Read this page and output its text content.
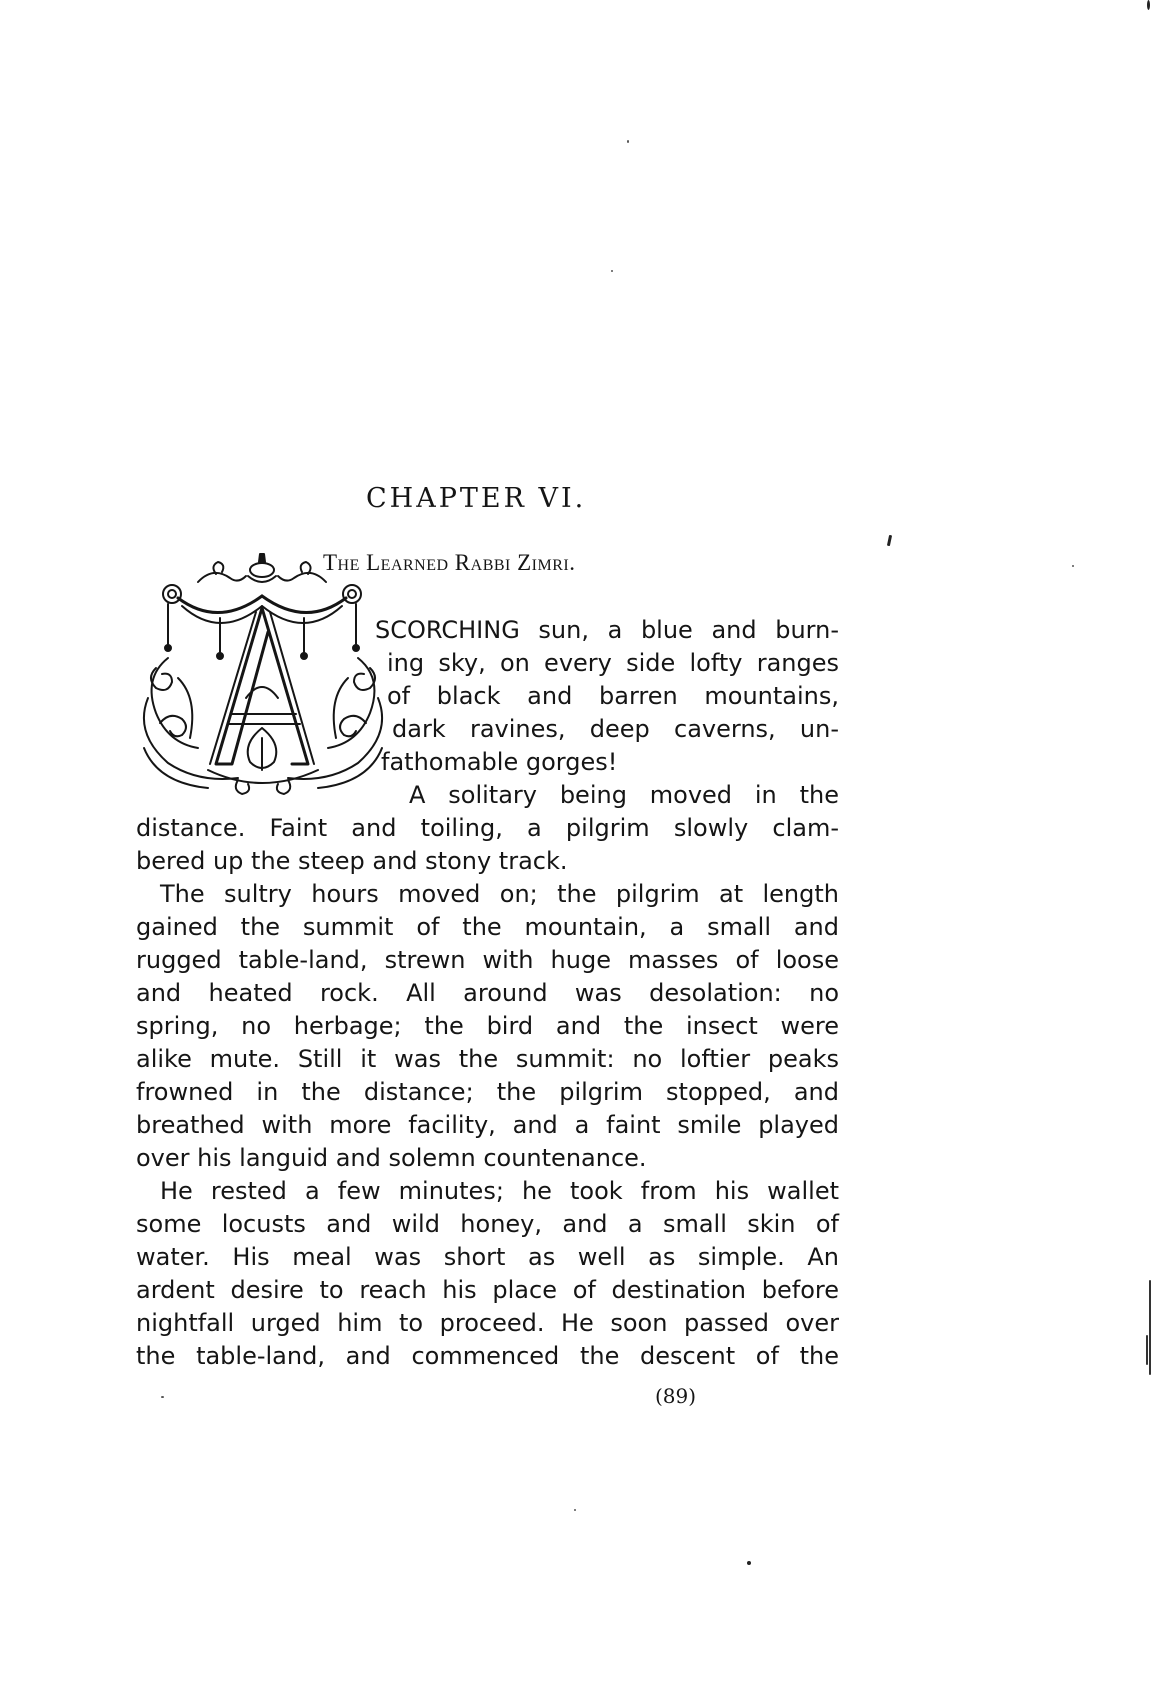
CHAPTER VI.
The Learned Rabbi Zimri.
SCORCHING sun, a blue and burn-
ing sky, on every side lofty ranges
of black and barren mountains,
dark ravines, deep caverns, un-
fathomable gorges!
A solitary being moved in the
distance. Faint and toiling, a pilgrim slowly clam-
bered up the steep and stony track.
The sultry hours moved on; the pilgrim at length
gained the summit of the mountain, a small and
rugged table-land, strewn with huge masses of loose
and heated rock. All around was desolation: no
spring, no herbage; the bird and the insect were
alike mute. Still it was the summit: no loftier peaks
frowned in the distance; the pilgrim stopped, and
breathed with more facility, and a faint smile played
over his languid and solemn countenance.
He rested a few minutes; he took from his wallet
some locusts and wild honey, and a small skin of
water. His meal was short as well as simple. An
ardent desire to reach his place of destination before
nightfall urged him to proceed. He soon passed over
the table-land, and commenced the descent of the
(89)
